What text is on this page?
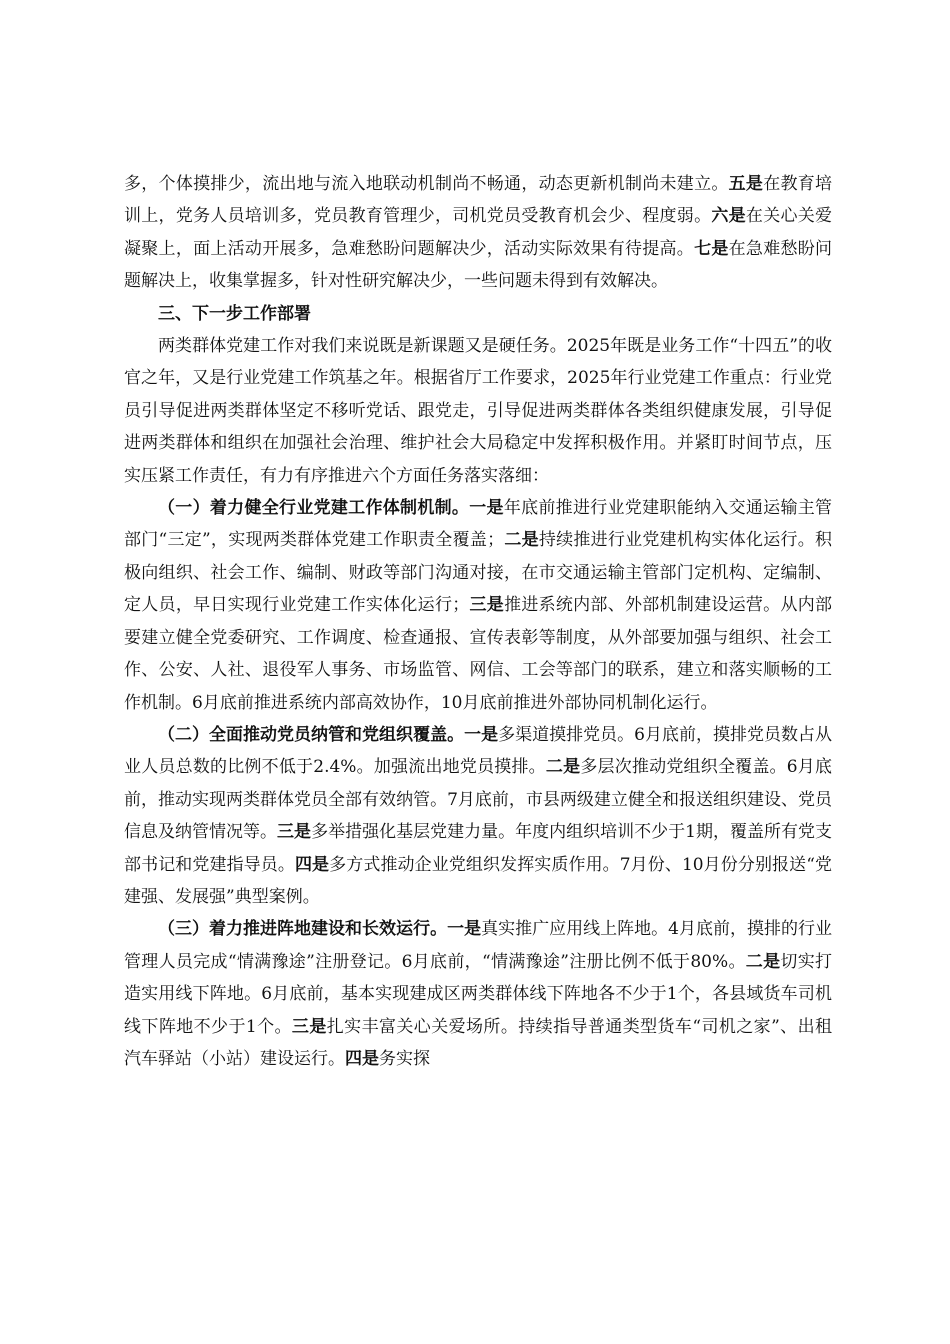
多，个体摸排少，流出地与流入地联动机制尚不畅通，动态更新机制尚未建立。五是在教育培训上，党务人员培训多，党员教育管理少，司机党员受教育机会少、程度弱。六是在关心关爱凝聚上，面上活动开展多，急难愁盼问题解决少，活动实际效果有待提高。七是在急难愁盼问题解决上，收集掌握多，针对性研究解决少，一些问题未得到有效解决。

三、下一步工作部署

两类群体党建工作对我们来说既是新课题又是硬任务。2025年既是业务工作“十四五”的收官之年，又是行业党建工作筑基之年。根据省厅工作要求，2025年行业党建工作重点：行业党员引导促进两类群体坚定不移听党话、跟党走，引导促进两类群体各类组织健康发展，引导促进两类群体和组织在加强社会治理、维护社会大局稳定中发挥积极作用。并紧盯时间节点，压实压紧工作责任，有力有序推进六个方面任务落实落细：

（一）着力健全行业党建工作体制机制。一是年底前推进行业党建职能纳入交通运输主管部门“三定”，实现两类群体党建工作职责全覆盖；二是持续推进行业党建机构实体化运行。积极向组织、社会工作、编制、财政等部门沟通对接，在市交通运输主管部门定机构、定编制、定人员，早日实现行业党建工作实体化运行；三是推进系统内部、外部机制建设运营。从内部要建立健全党委研究、工作调度、检查通报、宣传表彰等制度，从外部要加强与组织、社会工作、公安、人社、退役军人事务、市场监管、网信、工会等部门的联系，建立和落实顺畅的工作机制。6月底前推进系统内部高效协作，10月底前推进外部协同机制化运行。

（二）全面推动党员纳管和党组织覆盖。一是多渠道摸排党员。6月底前，摸排党员数占从业人员总数的比例不低于2.4%。加强流出地党员摸排。二是多层次推动党组织全覆盖。6月底前，推动实现两类群体党员全部有效纳管。7月底前，市县两级建立健全和报送组织建设、党员信息及纳管情况等。三是多举措强化基层党建力量。年度内组织培训不少于1期，覆盖所有党支部书记和党建指导员。四是多方式推动企业党组织发挥实质作用。7月份、10月份分别报送“党建强、发展强”典型案例。

（三）着力推进阵地建设和长效运行。一是真实推广应用线上阵地。4月底前，摸排的行业管理人员完成“情满豫途”注册登记。6月底前，“情满豫途”注册比例不低于80%。二是切实打造实用线下阵地。6月底前，基本实现建成区两类群体线下阵地各不少于1个，各县域货车司机线下阵地不少于1个。三是扎实丰富关心关爱场所。持续指导普通类型货车“司机之家”、出租汽车驿站（小站）建设运行。四是务实探
